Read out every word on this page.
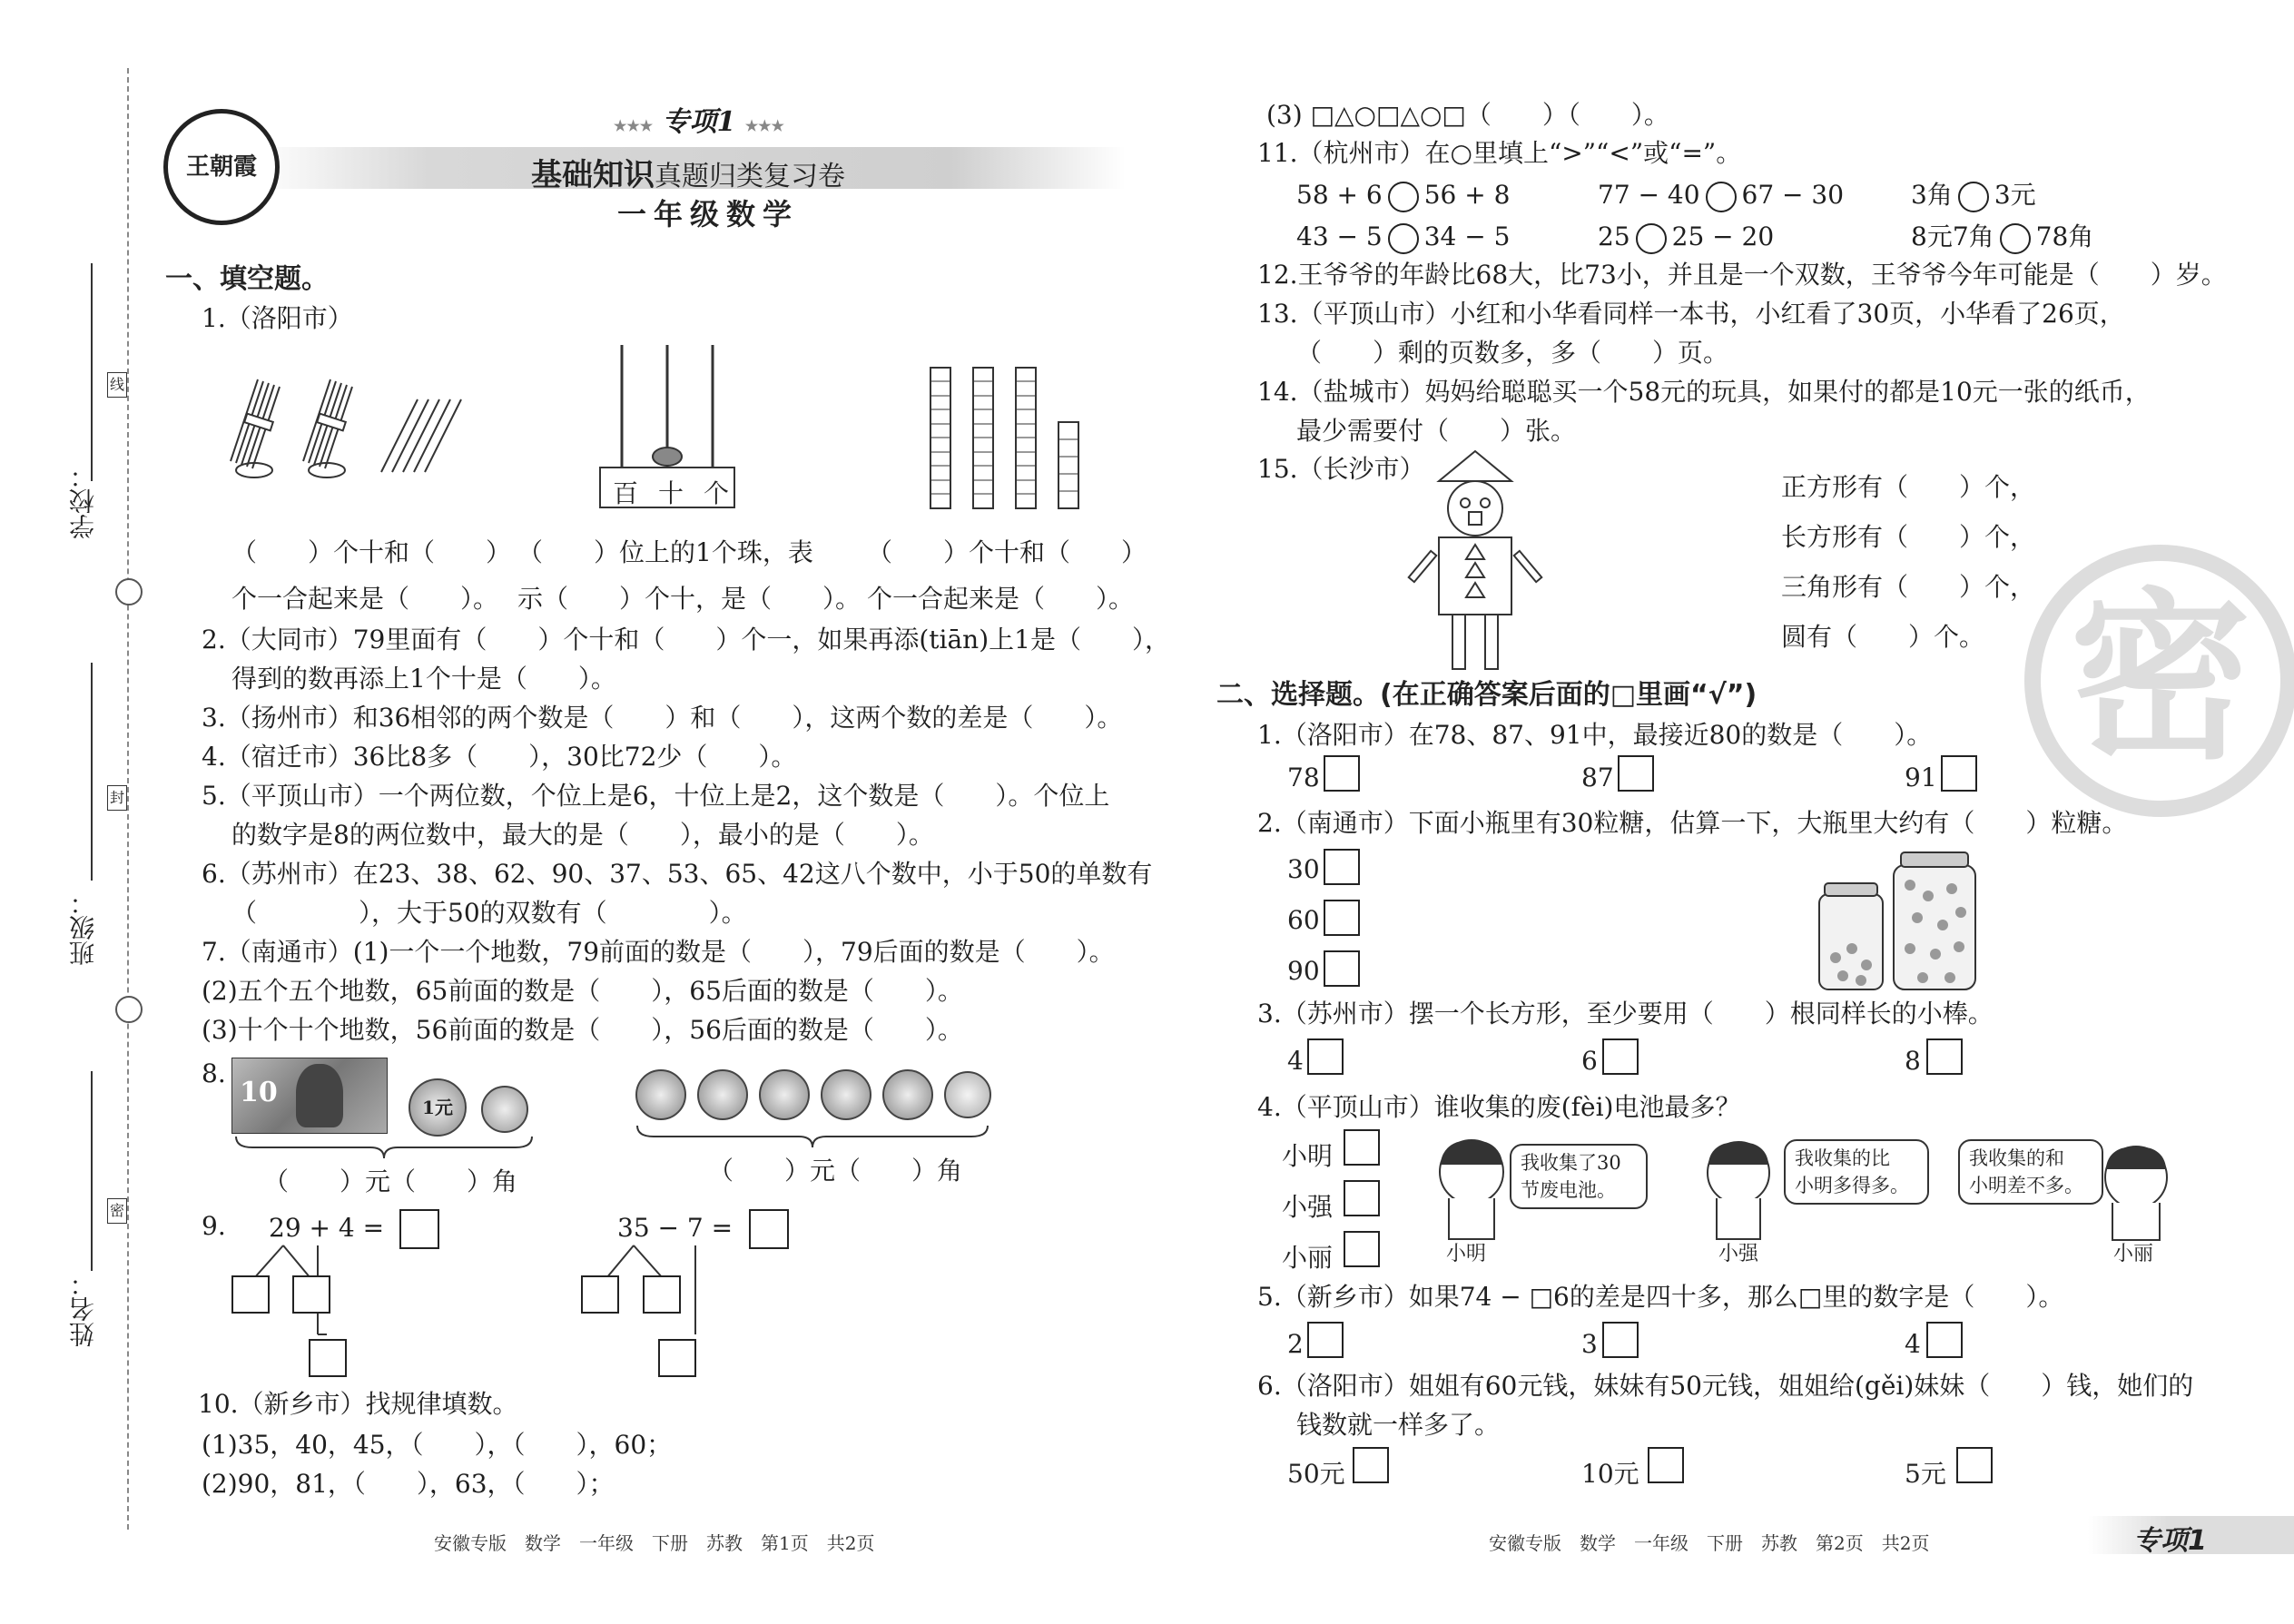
学校：
班级：
姓名：
线
封
密
王朝霞
★★★ 专项1 ★★★
基础知识真题归类复习卷
一年级数学
一、填空题。
1.（洛阳市）
百 十 个
（　　）个十和（　　）
个一合起来是（　　）。
（　　）位上的1个珠，表
示（　　）个十，是（　　）。
（　　）个十和（　　）
个一合起来是（　　）。
2.（大同市）79里面有（　　）个十和（　　）个一，如果再添(tiān)上1是（　　），
得到的数再添上1个十是（　　）。
3.（扬州市）和36相邻的两个数是（　　）和（　　），这两个数的差是（　　）。
4.（宿迁市）36比8多（　　），30比72少（　　）。
5.（平顶山市）一个两位数，个位上是6，十位上是2，这个数是（　　）。个位上
的数字是8的两位数中，最大的是（　　），最小的是（　　）。
6.（苏州市）在23、38、62、90、37、53、65、42这八个数中，小于50的单数有
（　　　　），大于50的双数有（　　　　）。
7.（南通市）(1)一个一个地数，79前面的数是（　　），79后面的数是（　　）。
(2)五个五个地数，65前面的数是（　　），65后面的数是（　　）。
(3)十个十个地数，56前面的数是（　　），56后面的数是（　　）。
8.
10	1元
（　　）元（　　）角	（　　）元（　　）角
9. 29 + 4 =	35 − 7 =
10.（新乡市）找规律填数。
(1)35，40，45，（　　），（　　），60；
(2)90，81，（　　），63，（　　）；
安徽专版　数学　一年级　下册　苏教　第1页　共2页
(3) □△○□△○□（　　）（　　）。
11.（杭州市）在○里填上“>”“<”或“=”。
58 + 6 56 + 8	77 − 40 67 − 30	3角 3元
43 − 5 34 − 5	25 25 − 20	8元7角 78角
12.王爷爷的年龄比68大，比73小，并且是一个双数，王爷爷今年可能是（　　）岁。
13.（平顶山市）小红和小华看同样一本书，小红看了30页，小华看了26页，
（　　）剩的页数多，多（　　）页。
14.（盐城市）妈妈给聪聪买一个58元的玩具，如果付的都是10元一张的纸币，
最少需要付（　　）张。
15.（长沙市）
正方形有（　　）个，
长方形有（　　）个，
三角形有（　　）个，
圆有（　　）个。 密
二、选择题。(在正确答案后面的□里画“√”)
1.（洛阳市）在78、87、91中，最接近80的数是（　　）。
78	87	91
2.（南通市）下面小瓶里有30粒糖，估算一下，大瓶里大约有（　　）粒糖。
30
60
90
3.（苏州市）摆一个长方形，至少要用（　　）根同样长的小棒。
4	6	8
4.（平顶山市）谁收集的废(fèi)电池最多？
小明
小强
小丽	小明
我收集了30
节废电池。
小强
我收集的比
小明多得多。
我收集的和
小明差不多。
小丽
5.（新乡市）如果74 − □6的差是四十多，那么□里的数字是（　　）。
2	3	4
6.（洛阳市）姐姐有60元钱，妹妹有50元钱，姐姐给(gěi)妹妹（　　）钱，她们的
钱数就一样多了。
50元	10元	5元
安徽专版　数学　一年级　下册　苏教　第2页　共2页	专项1
